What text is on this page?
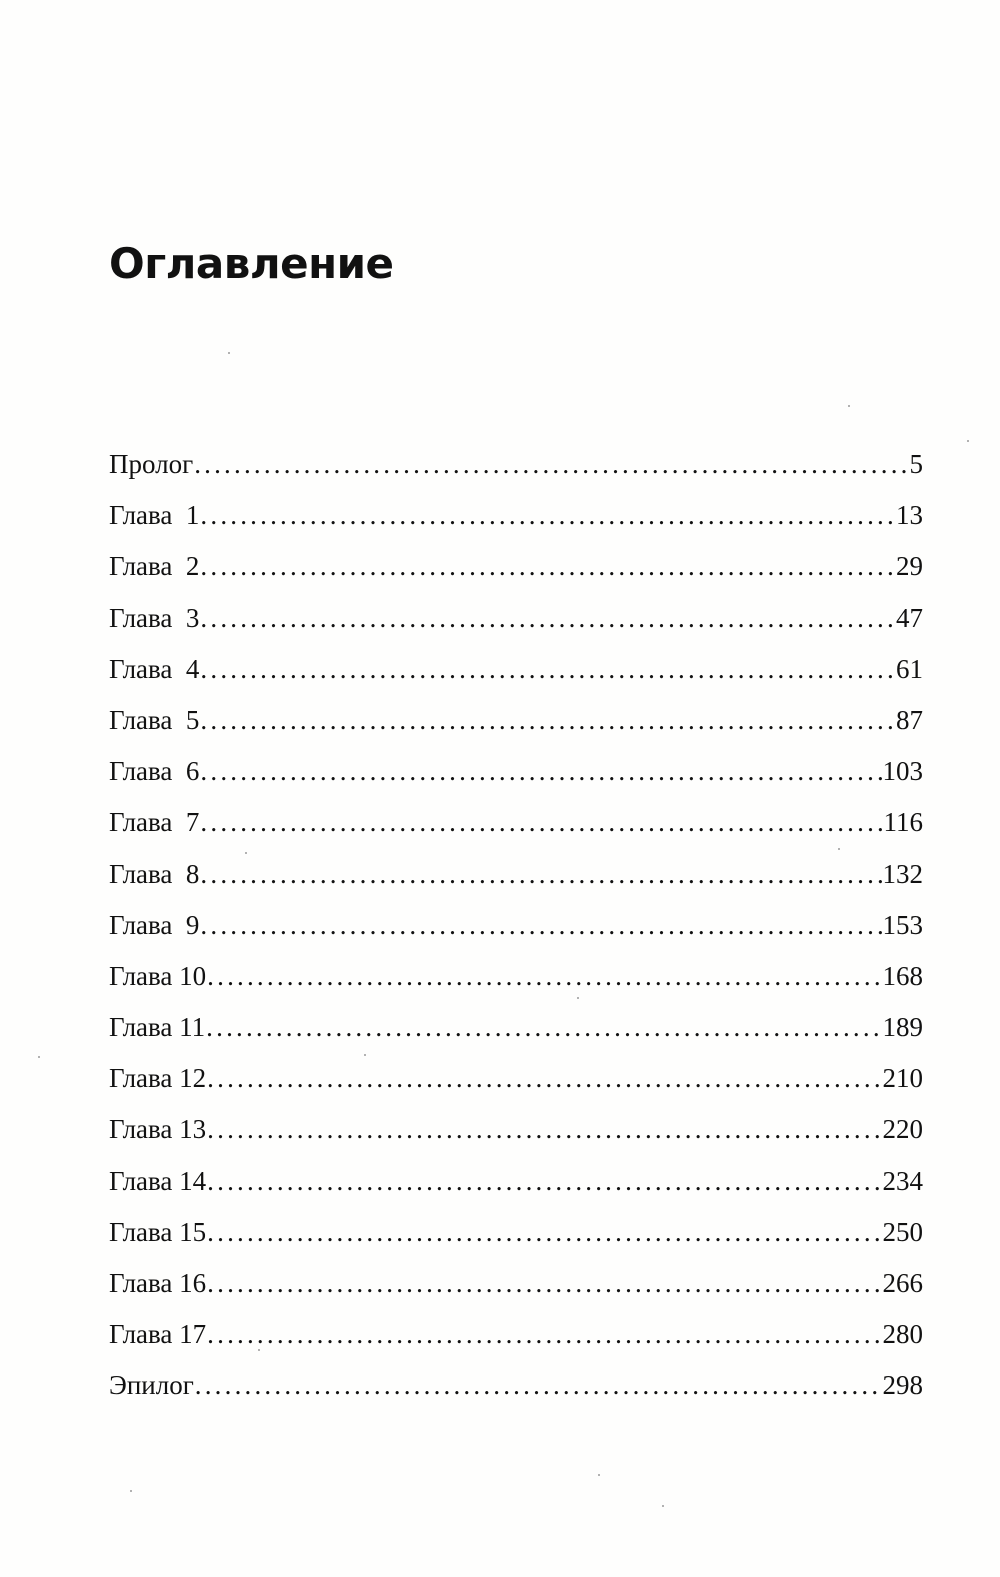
Оглавление
Пролог .....	5
Глава  1 .....	13
Глава  2 .....	29
Глава  3 .....	47
Глава  4 .....	61
Глава  5 .....	87
Глава  6 .....	103
Глава  7 .....	116
Глава  8 .....	132
Глава  9 .....	153
Глава 10 .....	168
Глава 11 .....	189
Глава 12 .....	210
Глава 13 .....	220
Глава 14 .....	234
Глава 15 .....	250
Глава 16 .....	266
Глава 17 .....	280
Эпилог .....	298
